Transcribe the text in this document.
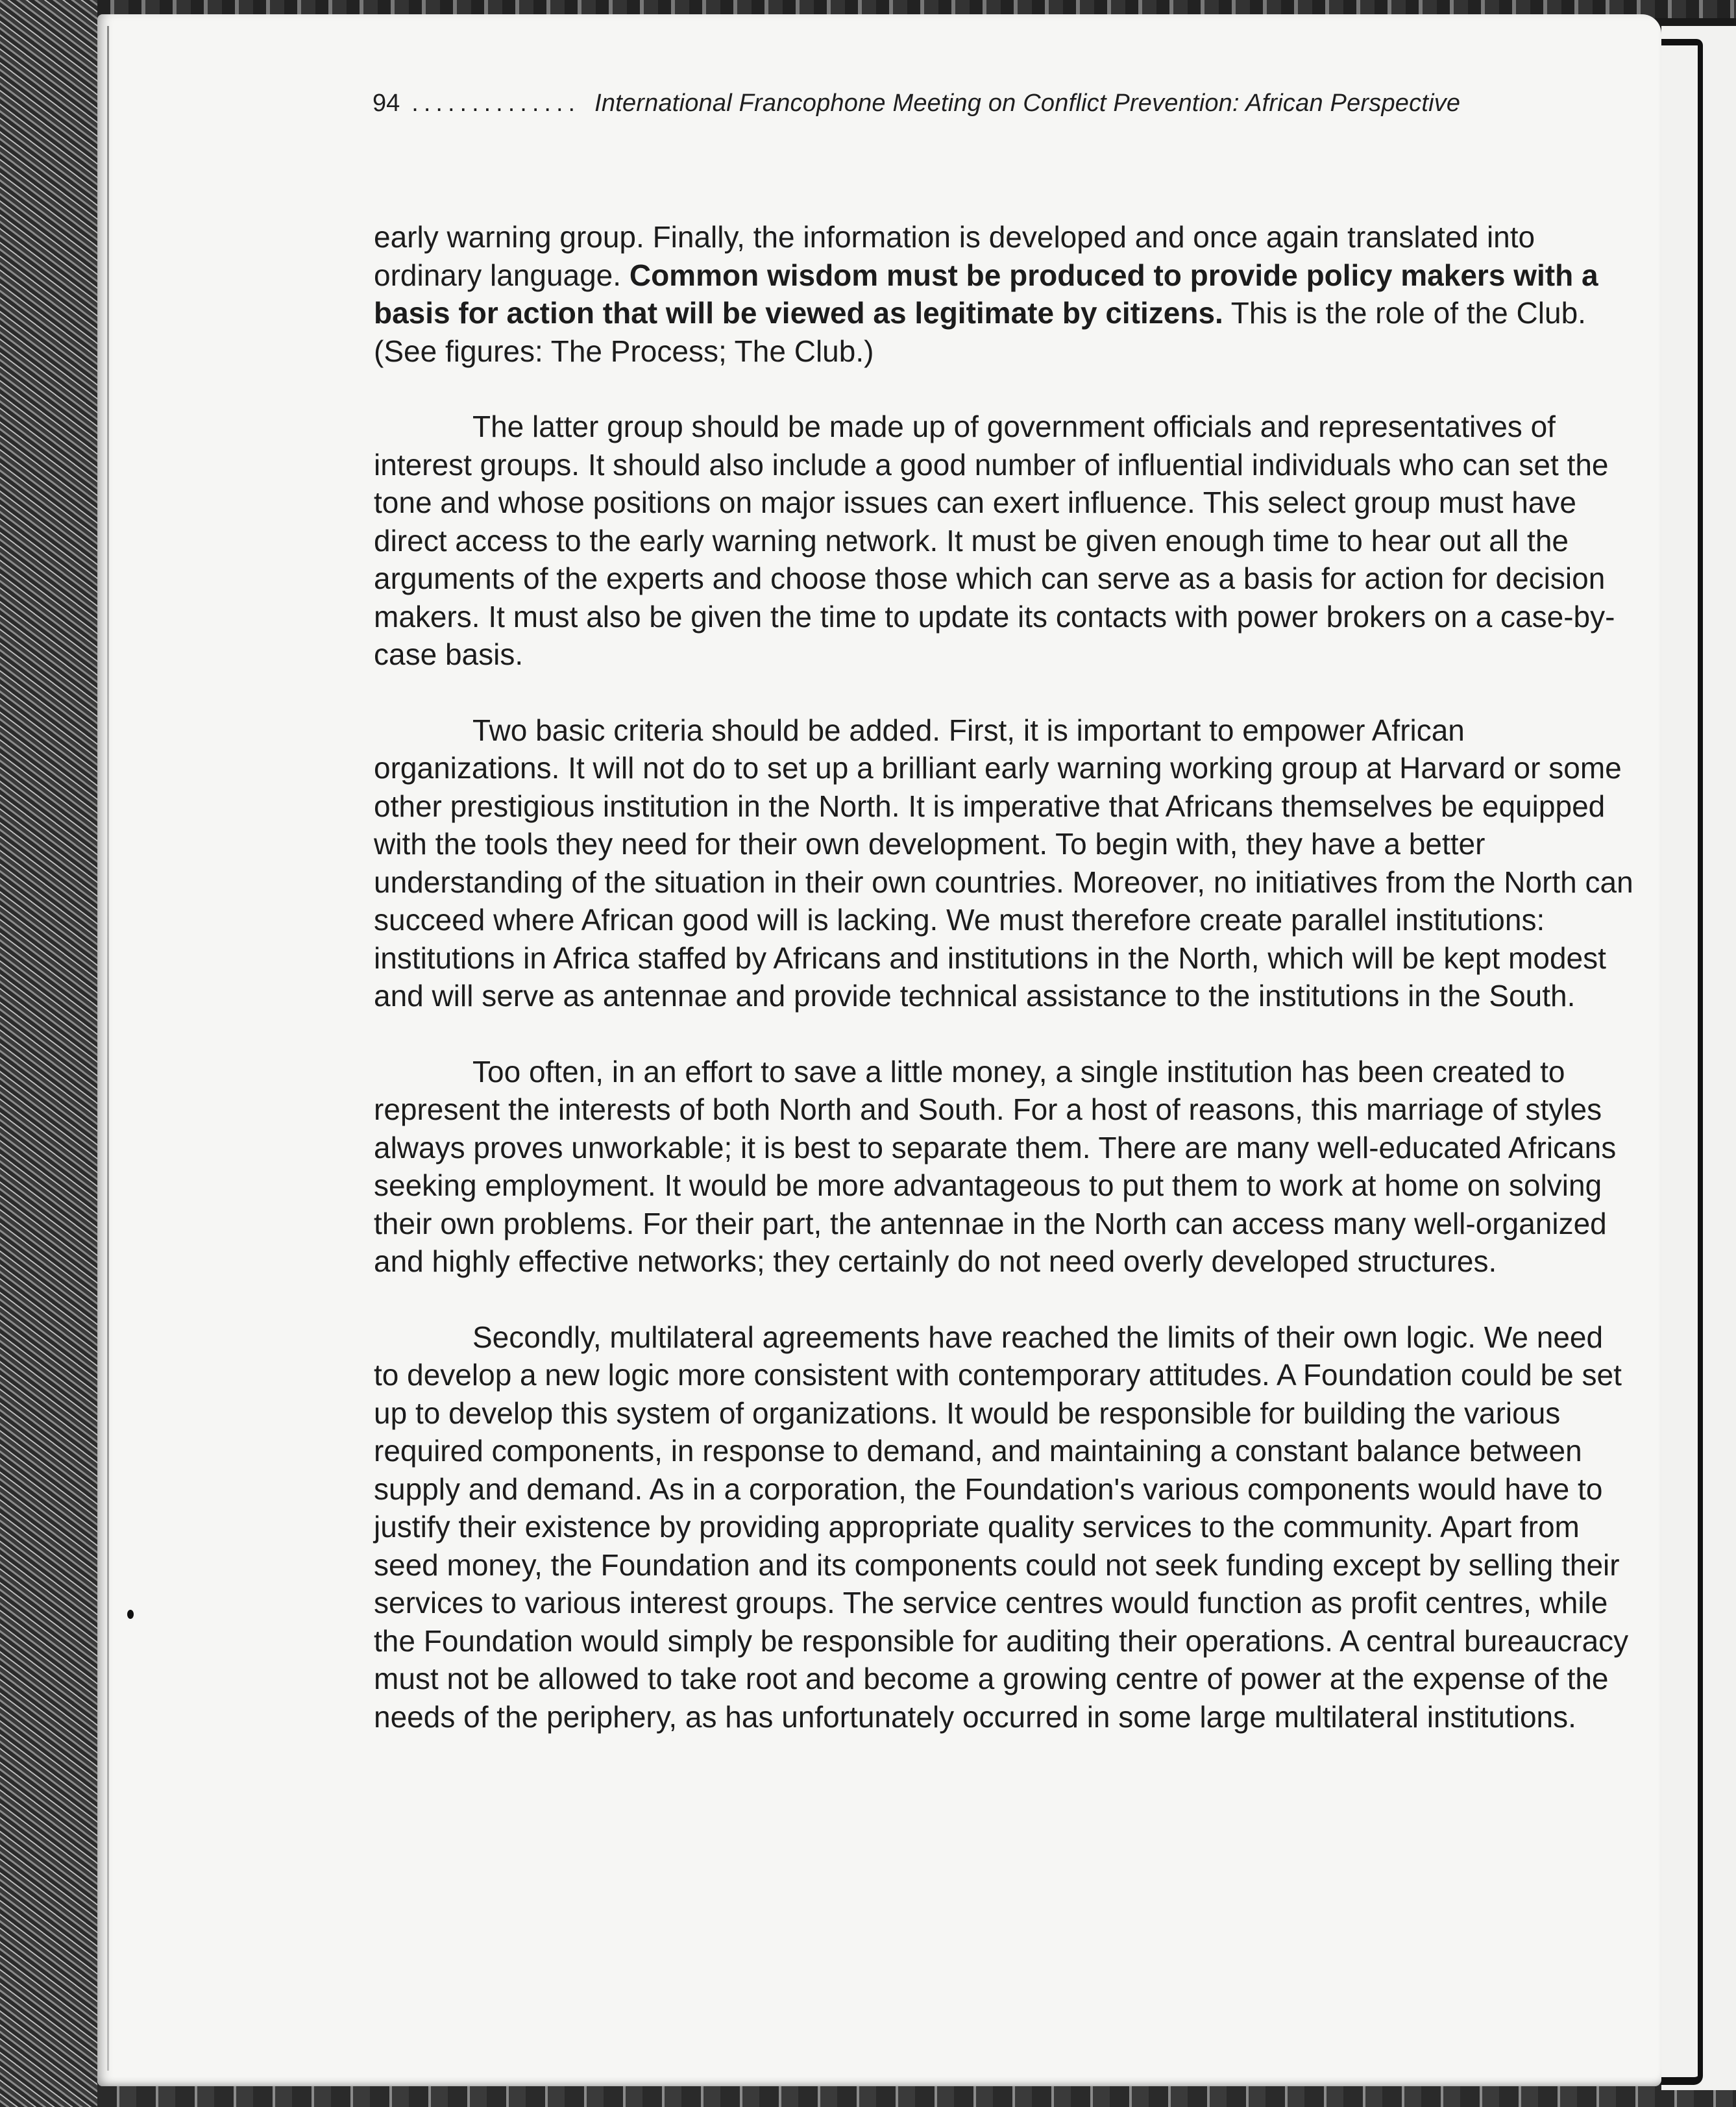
94 .............. International Francophone Meeting on Conflict Prevention: African Perspective

early warning group. Finally, the information is developed and once again translated into ordinary language. Common wisdom must be produced to provide policy makers with a basis for action that will be viewed as legitimate by citizens. This is the role of the Club. (See figures: The Process; The Club.)

The latter group should be made up of government officials and representatives of interest groups. It should also include a good number of influential individuals who can set the tone and whose positions on major issues can exert influence. This select group must have direct access to the early warning network. It must be given enough time to hear out all the arguments of the experts and choose those which can serve as a basis for action for decision makers. It must also be given the time to update its contacts with power brokers on a case-by-case basis.

Two basic criteria should be added. First, it is important to empower African organizations. It will not do to set up a brilliant early warning working group at Harvard or some other prestigious institution in the North. It is imperative that Africans themselves be equipped with the tools they need for their own development. To begin with, they have a better understanding of the situation in their own countries. Moreover, no initiatives from the North can succeed where African good will is lacking. We must therefore create parallel institutions: institutions in Africa staffed by Africans and institutions in the North, which will be kept modest and will serve as antennae and provide technical assistance to the institutions in the South.

Too often, in an effort to save a little money, a single institution has been created to represent the interests of both North and South. For a host of reasons, this marriage of styles always proves unworkable; it is best to separate them. There are many well-educated Africans seeking employment. It would be more advantageous to put them to work at home on solving their own problems. For their part, the antennae in the North can access many well-organized and highly effective networks; they certainly do not need overly developed structures.

Secondly, multilateral agreements have reached the limits of their own logic. We need to develop a new logic more consistent with contemporary attitudes. A Foundation could be set up to develop this system of organizations. It would be responsible for building the various required components, in response to demand, and maintaining a constant balance between supply and demand. As in a corporation, the Foundation's various components would have to justify their existence by providing appropriate quality services to the community. Apart from seed money, the Foundation and its components could not seek funding except by selling their services to various interest groups. The service centres would function as profit centres, while the Foundation would simply be responsible for auditing their operations. A central bureaucracy must not be allowed to take root and become a growing centre of power at the expense of the needs of the periphery, as has unfortunately occurred in some large multilateral institutions.
